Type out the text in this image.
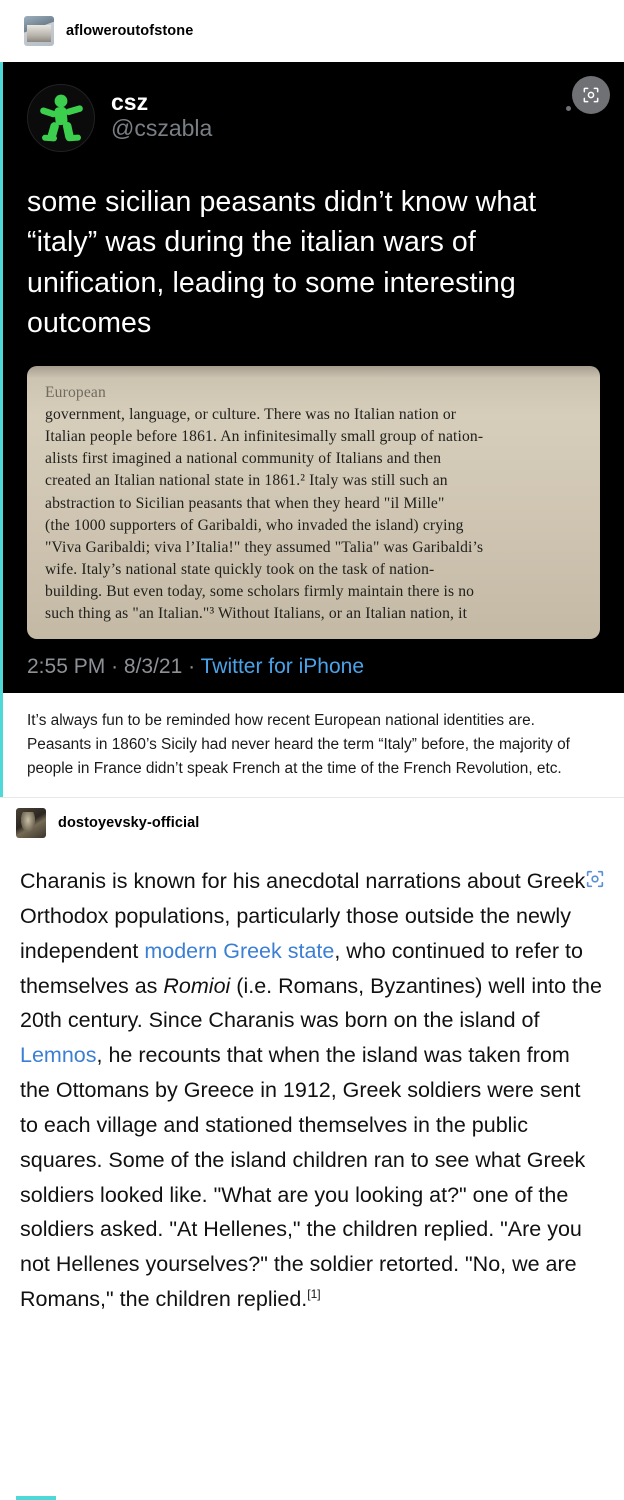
afloweroutofstone
csz
@cszabla
some sicilian peasants didn’t know what “italy” was during the italian wars of unification, leading to some interesting outcomes
European
government, language, or culture. There was no Italian nation or
Italian people before 1861. An infinitesimally small group of nation-
alists first imagined a national community of Italians and then
created an Italian national state in 1861.² Italy was still such an
abstraction to Sicilian peasants that when they heard "il Mille"
(the 1000 supporters of Garibaldi, who invaded the island) crying
"Viva Garibaldi; viva l’Italia!" they assumed "Talia" was Garibaldi’s
wife. Italy’s national state quickly took on the task of nation-
building. But even today, some scholars firmly maintain there is no
such thing as "an Italian."³ Without Italians, or an Italian nation, it
2:55 PM · 8/3/21 · Twitter for iPhone

It’s always fun to be reminded how recent European national identities are. Peasants in 1860’s Sicily had never heard the term “Italy” before, the majority of people in France didn’t speak French at the time of the French Revolution, etc.

dostoyevsky-official

Charanis is known for his anecdotal narrations about Greek Orthodox populations, particularly those outside the newly independent modern Greek state, who continued to refer to themselves as Romioi (i.e. Romans, Byzantines) well into the 20th century. Since Charanis was born on the island of Lemnos, he recounts that when the island was taken from the Ottomans by Greece in 1912, Greek soldiers were sent to each village and stationed themselves in the public squares. Some of the island children ran to see what Greek soldiers looked like. "What are you looking at?" one of the soldiers asked. "At Hellenes," the children replied. "Are you not Hellenes yourselves?" the soldier retorted. "No, we are Romans," the children replied.[1]
